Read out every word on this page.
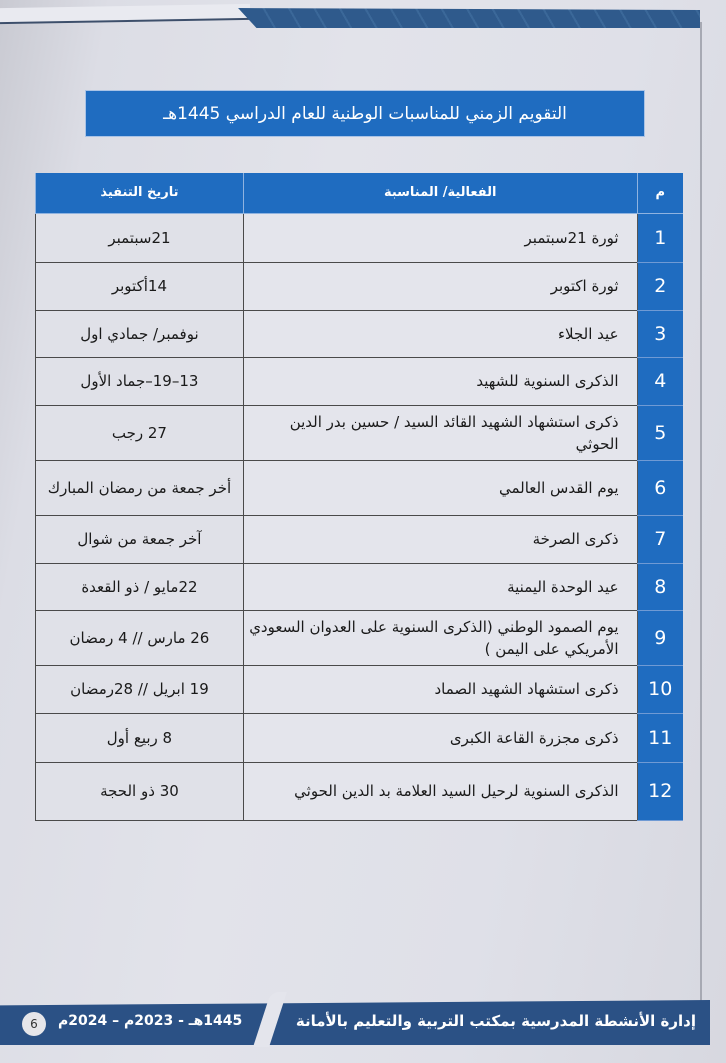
التقويم الزمني للمناسبات الوطنية للعام الدراسي 1445هـ
م	الفعالية/ المناسبة	تاريخ التنفيذ
1	ثورة 21سبتمبر	21سبتمبر
2	ثورة اكتوبر	14أكتوبر
3	عيد الجلاء	نوفمبر/ جمادي اول
4	الذكرى السنوية للشهيد	13–19–جماد الأول
5	ذكرى استشهاد الشهيد القائد السيد / حسين بدر الدين الحوثي	27 رجب
6	يوم القدس العالمي	أخر جمعة من رمضان المبارك
7	ذكرى الصرخة	آخر جمعة من شوال
8	عيد الوحدة اليمنية	22مايو / ذو القعدة
9	يوم الصمود الوطني (الذكرى السنوية على العدوان السعودي الأمريكي على اليمن )	26 مارس // 4 رمضان
10	ذكرى استشهاد الشهيد الصماد	19 ابريل // 28رمضان
11	ذكرى مجزرة القاعة الكبرى	8 ربيع أول
12	الذكرى السنوية لرحيل السيد العلامة بد الدين الحوثي	30 ذو الحجة
إدارة الأنشطة المدرسية بمكتب التربية والتعليم بالأمانة
1445هـ - 2023م – 2024م
6
